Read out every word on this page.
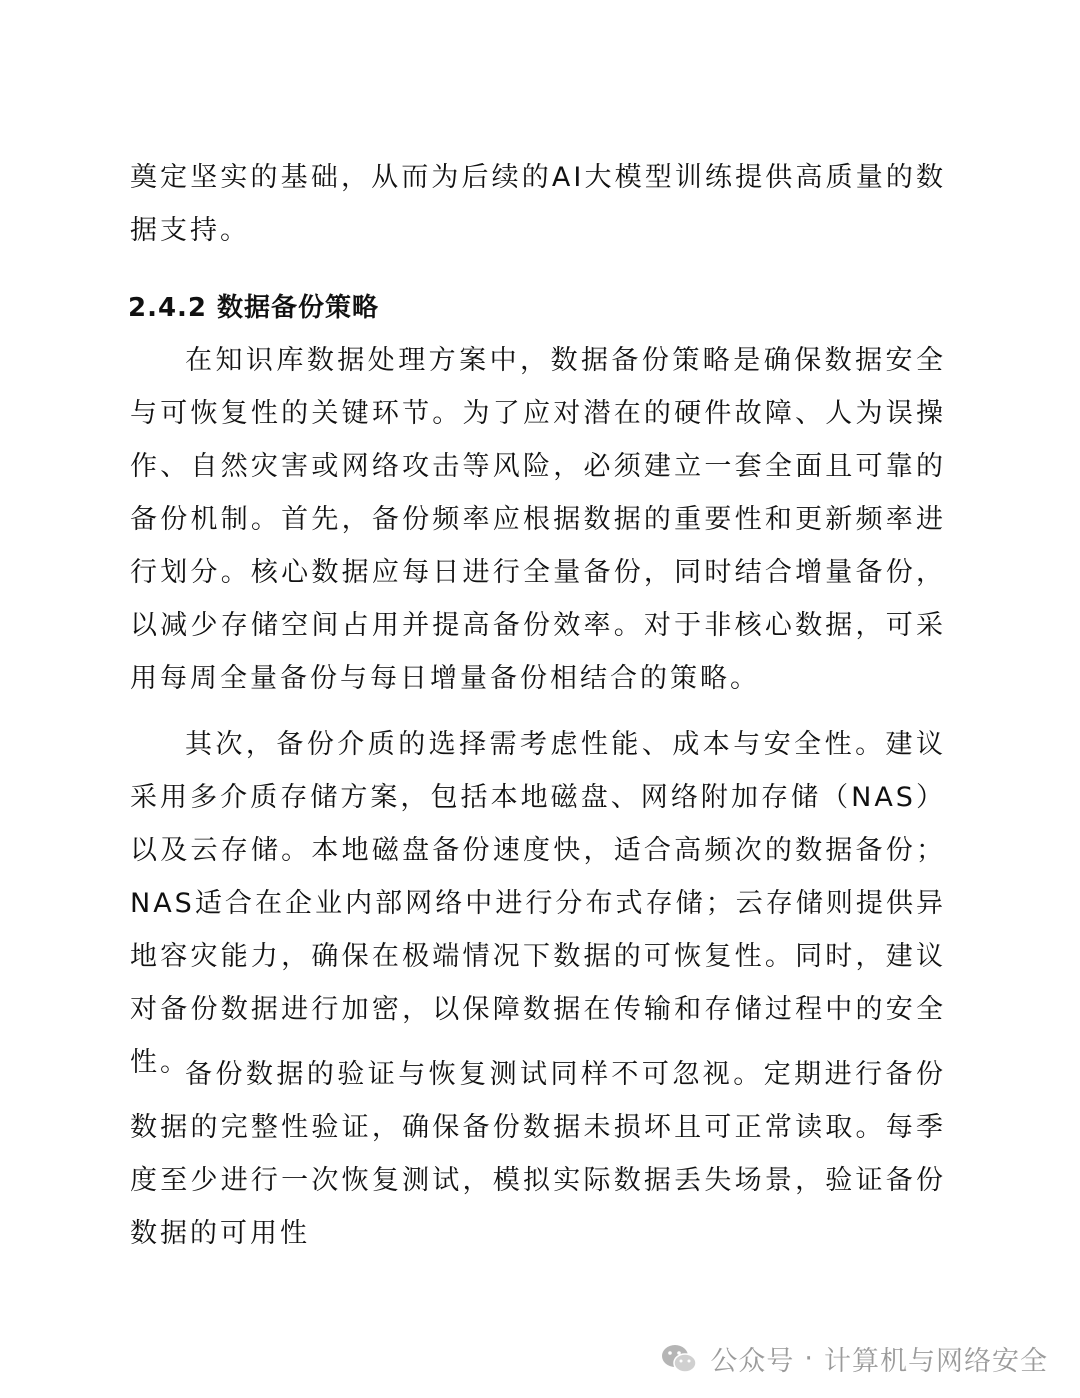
奠定坚实的基础，从而为后续的AI大模型训练提供高质量的数据支持。

2.4.2 数据备份策略

在知识库数据处理方案中，数据备份策略是确保数据安全与可恢复性的关键环节。为了应对潜在的硬件故障、人为误操作、自然灾害或网络攻击等风险，必须建立一套全面且可靠的备份机制。首先，备份频率应根据数据的重要性和更新频率进行划分。核心数据应每日进行全量备份，同时结合增量备份，以减少存储空间占用并提高备份效率。对于非核心数据，可采用每周全量备份与每日增量备份相结合的策略。

其次，备份介质的选择需考虑性能、成本与安全性。建议采用多介质存储方案，包括本地磁盘、网络附加存储（NAS）以及云存储。本地磁盘备份速度快，适合高频次的数据备份；NAS适合在企业内部网络中进行分布式存储；云存储则提供异地容灾能力，确保在极端情况下数据的可恢复性。同时，建议对备份数据进行加密，以保障数据在传输和存储过程中的安全性。

备份数据的验证与恢复测试同样不可忽视。定期进行备份数据的完整性验证，确保备份数据未损坏且可正常读取。每季度至少进行一次恢复测试，模拟实际数据丢失场景，验证备份数据的可用性

公众号 · 计算机与网络安全
